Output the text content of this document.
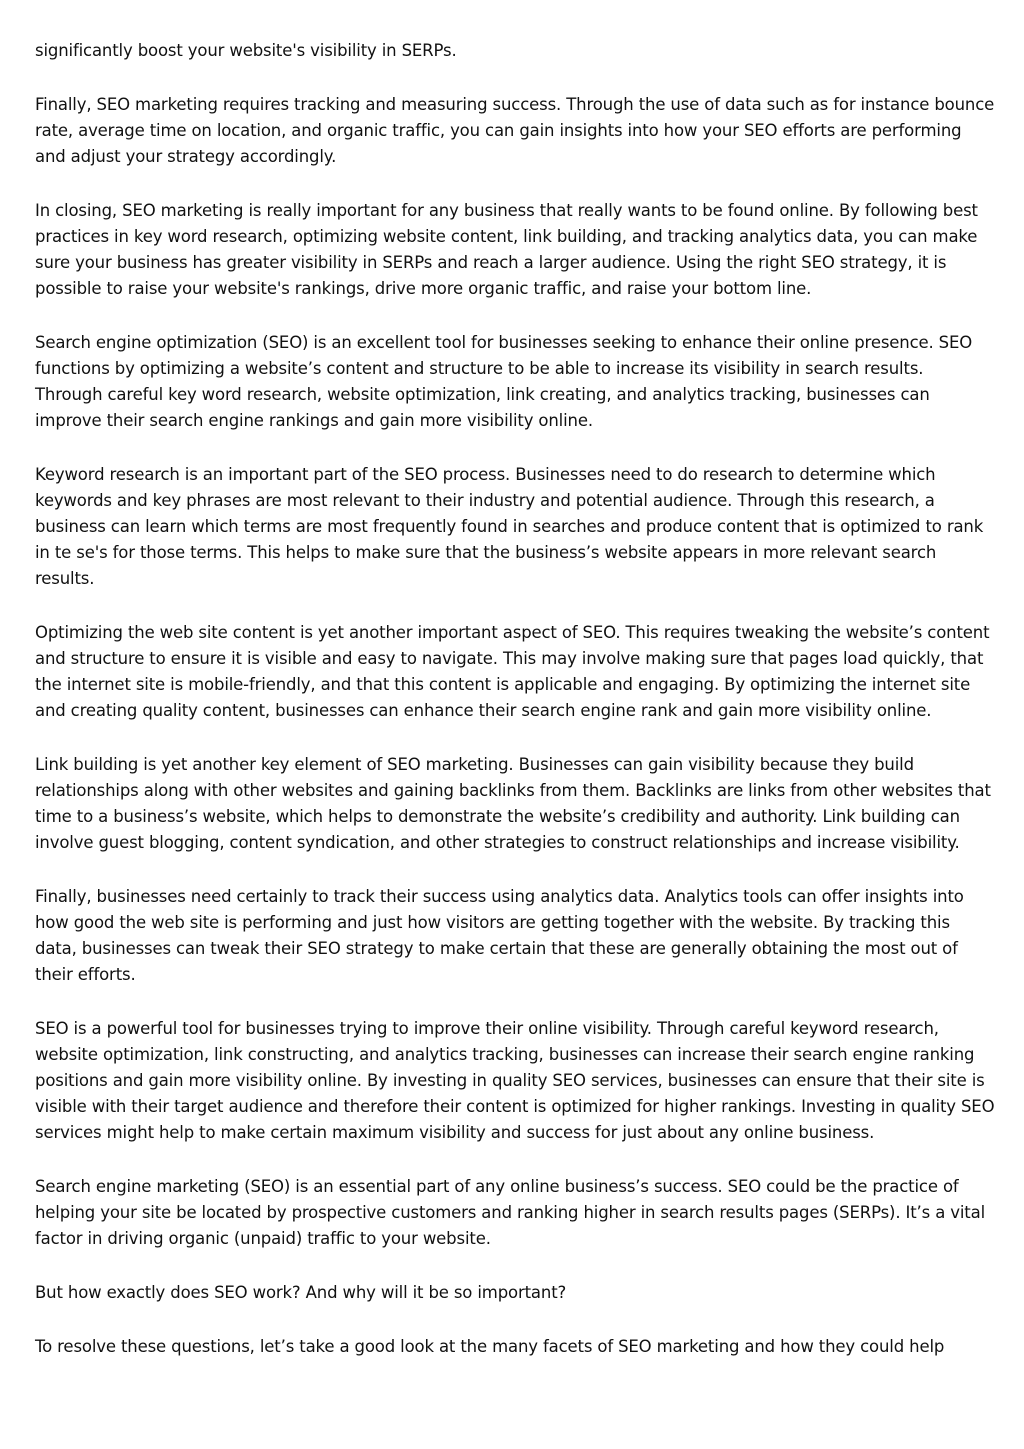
significantly boost your website's visibility in SERPs.

Finally, SEO marketing requires tracking and measuring success. Through the use of data such as for instance bounce rate, average time on location, and organic traffic, you can gain insights into how your SEO efforts are performing and adjust your strategy accordingly.

In closing, SEO marketing is really important for any business that really wants to be found online. By following best practices in key word research, optimizing website content, link building, and tracking analytics data, you can make sure your business has greater visibility in SERPs and reach a larger audience. Using the right SEO strategy, it is possible to raise your website's rankings, drive more organic traffic, and raise your bottom line.

Search engine optimization (SEO) is an excellent tool for businesses seeking to enhance their online presence. SEO functions by optimizing a website’s content and structure to be able to increase its visibility in search results. Through careful key word research, website optimization, link creating, and analytics tracking, businesses can improve their search engine rankings and gain more visibility online.

Keyword research is an important part of the SEO process. Businesses need to do research to determine which keywords and key phrases are most relevant to their industry and potential audience. Through this research, a business can learn which terms are most frequently found in searches and produce content that is optimized to rank in te se's for those terms. This helps to make sure that the business’s website appears in more relevant search results.

Optimizing the web site content is yet another important aspect of SEO. This requires tweaking the website’s content and structure to ensure it is visible and easy to navigate. This may involve making sure that pages load quickly, that the internet site is mobile-friendly, and that this content is applicable and engaging. By optimizing the internet site and creating quality content, businesses can enhance their search engine rank and gain more visibility online.

Link building is yet another key element of SEO marketing. Businesses can gain visibility because they build relationships along with other websites and gaining backlinks from them. Backlinks are links from other websites that time to a business’s website, which helps to demonstrate the website’s credibility and authority. Link building can involve guest blogging, content syndication, and other strategies to construct relationships and increase visibility.

Finally, businesses need certainly to track their success using analytics data. Analytics tools can offer insights into how good the web site is performing and just how visitors are getting together with the website. By tracking this data, businesses can tweak their SEO strategy to make certain that these are generally obtaining the most out of their efforts.

SEO is a powerful tool for businesses trying to improve their online visibility. Through careful keyword research, website optimization, link constructing, and analytics tracking, businesses can increase their search engine ranking positions and gain more visibility online. By investing in quality SEO services, businesses can ensure that their site is visible with their target audience and therefore their content is optimized for higher rankings. Investing in quality SEO services might help to make certain maximum visibility and success for just about any online business.

Search engine marketing (SEO) is an essential part of any online business’s success. SEO could be the practice of helping your site be located by prospective customers and ranking higher in search results pages (SERPs). It’s a vital factor in driving organic (unpaid) traffic to your website.

But how exactly does SEO work? And why will it be so important?

To resolve these questions, let’s take a good look at the many facets of SEO marketing and how they could help
